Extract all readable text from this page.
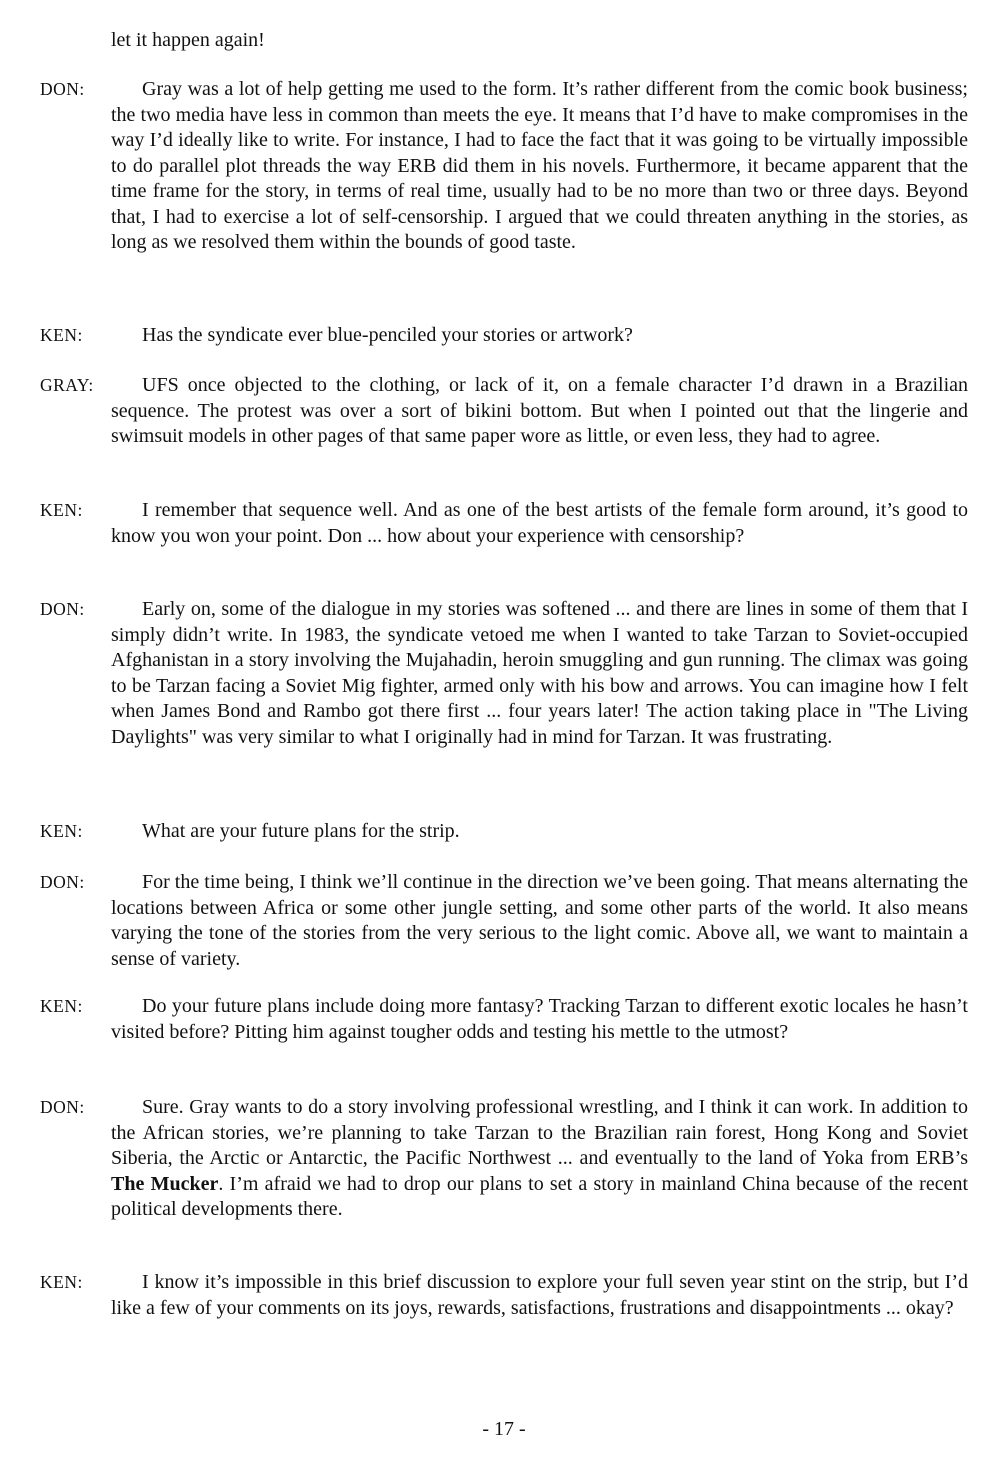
let it happen again!

DON:	Gray was a lot of help getting me used to the form. It’s rather different from the comic book business; the two media have less in common than meets the eye. It means that I’d have to make compromises in the way I’d ideally like to write. For instance, I had to face the fact that it was going to be virtually impossible to do parallel plot threads the way ERB did them in his novels. Furthermore, it became apparent that the time frame for the story, in terms of real time, usually had to be no more than two or three days. Beyond that, I had to exercise a lot of self-censorship. I argued that we could threaten anything in the stories, as long as we resolved them within the bounds of good taste.

KEN:	Has the syndicate ever blue-penciled your stories or artwork?

GRAY:	UFS once objected to the clothing, or lack of it, on a female character I’d drawn in a Brazilian sequence. The protest was over a sort of bikini bottom. But when I pointed out that the lingerie and swimsuit models in other pages of that same paper wore as little, or even less, they had to agree.

KEN:	I remember that sequence well. And as one of the best artists of the female form around, it’s good to know you won your point. Don ... how about your experience with censorship?

DON:	Early on, some of the dialogue in my stories was softened ... and there are lines in some of them that I simply didn’t write. In 1983, the syndicate vetoed me when I wanted to take Tarzan to Soviet-occupied Afghanistan in a story involving the Mujahadin, heroin smuggling and gun running. The climax was going to be Tarzan facing a Soviet Mig fighter, armed only with his bow and arrows. You can imagine how I felt when James Bond and Rambo got there first ... four years later! The action taking place in "The Living Daylights" was very similar to what I originally had in mind for Tarzan. It was frustrating.

KEN:	What are your future plans for the strip.

DON:	For the time being, I think we’ll continue in the direction we’ve been going. That means alternating the locations between Africa or some other jungle setting, and some other parts of the world. It also means varying the tone of the stories from the very serious to the light comic. Above all, we want to maintain a sense of variety.

KEN:	Do your future plans include doing more fantasy? Tracking Tarzan to different exotic locales he hasn’t visited before? Pitting him against tougher odds and testing his mettle to the utmost?

DON:	Sure. Gray wants to do a story involving professional wrestling, and I think it can work. In addition to the African stories, we’re planning to take Tarzan to the Brazilian rain forest, Hong Kong and Soviet Siberia, the Arctic or Antarctic, the Pacific Northwest ... and eventually to the land of Yoka from ERB’s The Mucker. I’m afraid we had to drop our plans to set a story in mainland China because of the recent political developments there.

KEN:	I know it’s impossible in this brief discussion to explore your full seven year stint on the strip, but I’d like a few of your comments on its joys, rewards, satisfactions, frustrations and disappointments ... okay?

- 17 -
